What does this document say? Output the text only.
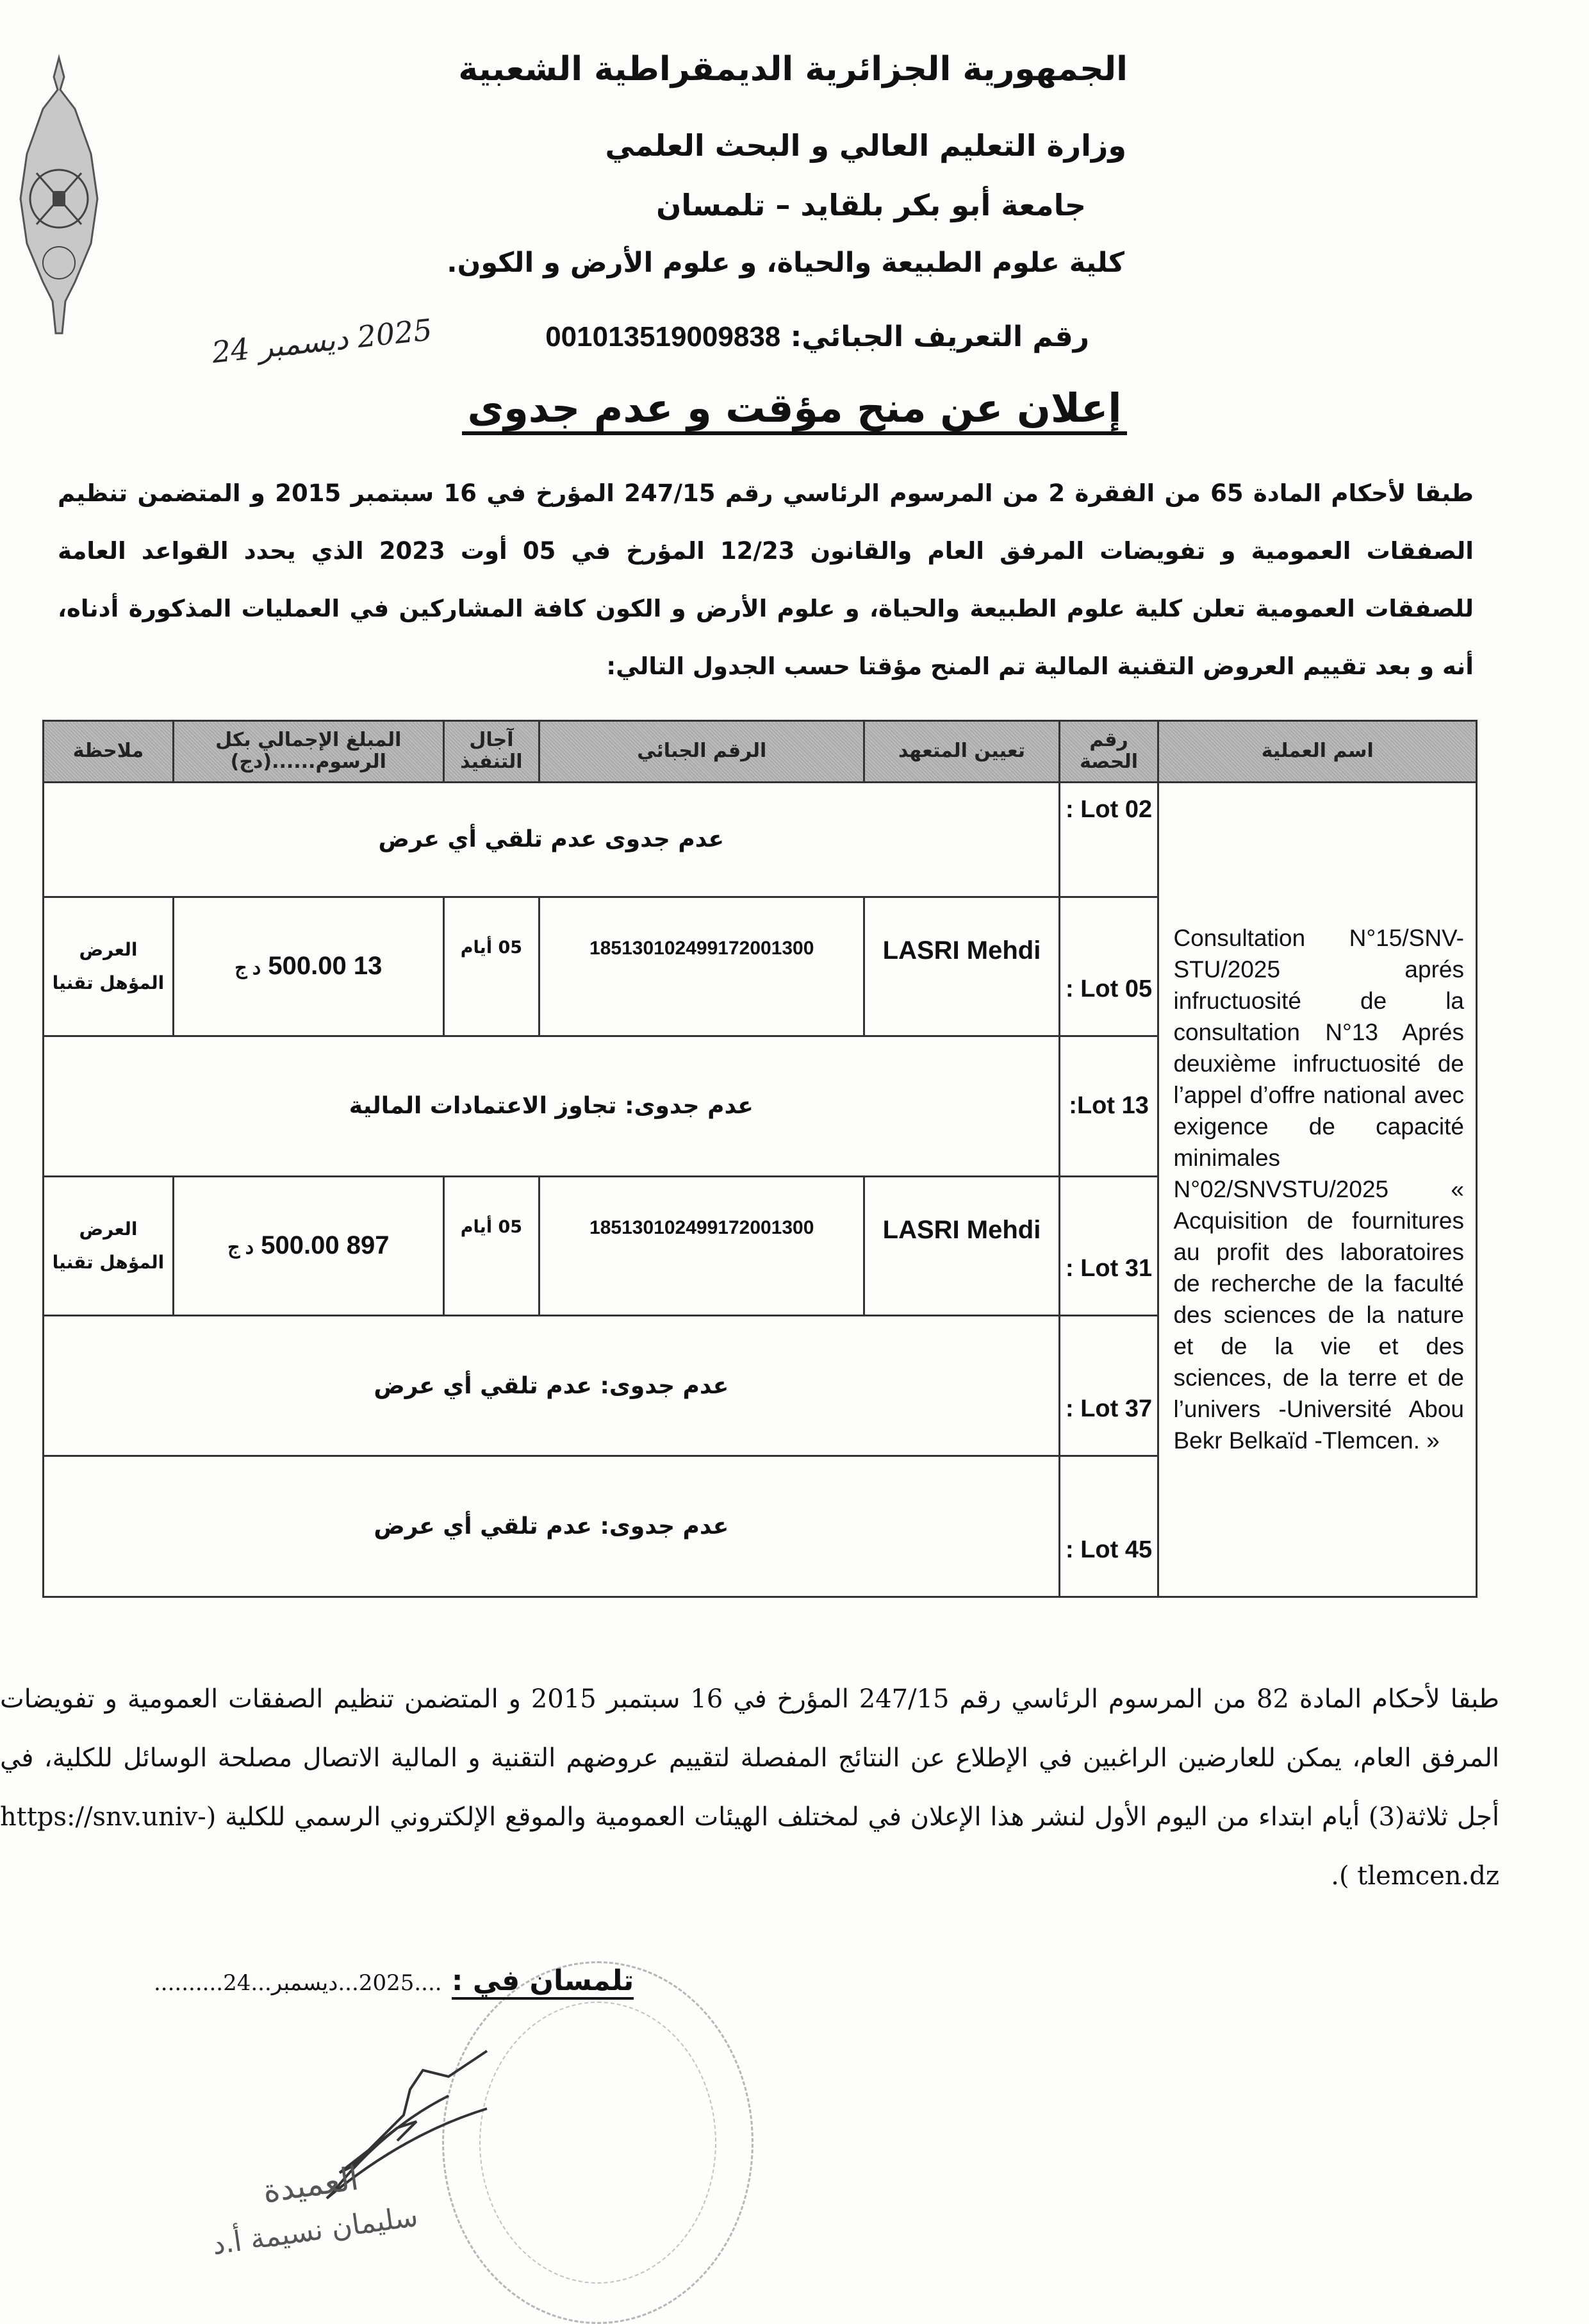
الجمهورية الجزائرية الديمقراطية الشعبية
وزارة التعليم العالي و البحث العلمي
جامعة أبو بكر بلقايد – تلمسان
كلية علوم الطبيعة والحياة، و علوم الأرض و الكون.
رقم التعريف الجبائي: 001013519009838
2025 ديسمبر 24
إعلان عن منح مؤقت و عدم جدوى
طبقا لأحكام المادة 65 من الفقرة 2 من المرسوم الرئاسي رقم 247/15 المؤرخ في 16 سبتمبر 2015 و المتضمن تنظيم الصفقات العمومية و تفويضات المرفق العام والقانون 12/23 المؤرخ في 05 أوت 2023 الذي يحدد القواعد العامة للصفقات العمومية تعلن كلية علوم الطبيعة والحياة، و علوم الأرض و الكون كافة المشاركين في العمليات المذكورة أدناه، أنه و بعد تقييم العروض التقنية المالية تم المنح مؤقتا حسب الجدول التالي:
اسم العملية	رقم الحصة	تعيين المتعهد	الرقم الجبائي	آجال التنفيذ	المبلغ الإجمالي بكل الرسوم......(دج)	ملاحظة
Consultation N°15/SNV-STU/2025 aprés infructuosité de la consultation N°13 Aprés deuxième infructuosité de l’appel d’offre national avec exigence de capacité minimales N°02/SNVSTU/2025 « Acquisition de fournitures au profit des laboratoires de recherche de la faculté des sciences de la nature et de la vie et des sciences, de la terre et de l’univers -Université Abou Bekr Belkaïd -Tlemcen. »	Lot 02 :	عدم جدوى عدم تلقي أي عرض				
	Lot 05 :	LASRI Mehdi	185130102499172001300	05 أيام	13 500.00 د ج	العرض المؤهل تقنيا
	Lot 13:	عدم جدوى: تجاوز الاعتمادات المالية				
	Lot 31 :	LASRI Mehdi	185130102499172001300	05 أيام	897 500.00 د ج	العرض المؤهل تقنيا
	Lot 37 :	عدم جدوى: عدم تلقي أي عرض				
	Lot 45 :	عدم جدوى: عدم تلقي أي عرض				
طبقا لأحكام المادة 82 من المرسوم الرئاسي رقم 247/15 المؤرخ في 16 سبتمبر 2015 و المتضمن تنظيم الصفقات العمومية و تفويضات المرفق العام، يمكن للعارضين الراغبين في الإطلاع عن النتائج المفصلة لتقييم عروضهم التقنية و المالية الاتصال مصلحة الوسائل للكلية، في أجل ثلاثة(3) أيام ابتداء من اليوم الأول لنشر هذا الإعلان في لمختلف الهيئات العمومية والموقع الإلكتروني الرسمي للكلية (https://snv.univ-tlemcen.dz ).
تلمسان في : ....2025...ديسمبر...24..........
العميدة
سليمان نسيمة أ.د
